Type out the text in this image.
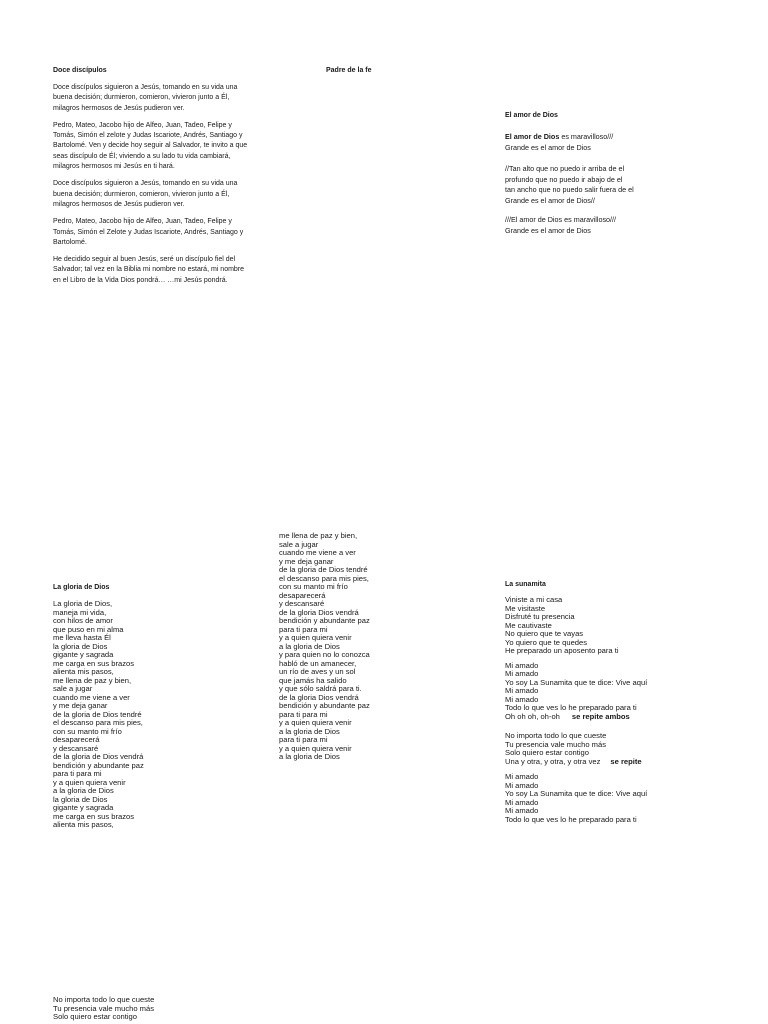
Doce discípulos

Doce discípulos siguieron a Jesús, tomando en su vida una buena decisión; durmieron, comieron, vivieron junto a Él, milagros hermosos de Jesús pudieron ver.

Pedro, Mateo, Jacobo hijo de Alfeo, Juan, Tadeo, Felipe y Tomás, Simón el zelote y Judas Iscariote, Andrés, Santiago y Bartolomé. Ven y decide hoy seguir al Salvador, te invito a que seas discípulo de Él; viviendo a su lado tu vida cambiará, milagros hermosos mi Jesús en ti hará.

Doce discípulos siguieron a Jesús, tomando en su vida una buena decisión; durmieron, comieron, vivieron junto a Él, milagros hermosos de Jesús pudieron ver.

Pedro, Mateo, Jacobo hijo de Alfeo, Juan, Tadeo, Felipe y Tomás, Simón el Zelote y Judas Iscariote, Andrés, Santiago y Bartolomé.

He decidido seguir al buen Jesús, seré un discípulo fiel del Salvador; tal vez en la Biblia mi nombre no estará, mi nombre en el Libro de la Vida Dios pondrá… …mi Jesús pondrá.

Padre de la fe

El amor de Dios

El amor de Dios es maravilloso///

Grande es el amor de Dios

//Tan alto que no puedo ir arriba de el
profundo que no puedo ir abajo de el
tan ancho que no puedo salir fuera de el
Grande es el amor de Dios//

///El amor de Dios es maravilloso///
Grande es el amor de Dios

La gloria de Dios

La gloria de Dios,
maneja mi vida,
con hilos de amor
que puso en mi alma
me lleva hasta Él
la gloria de Dios
gigante y sagrada
me carga en sus brazos
alienta mis pasos,
me llena de paz y bien,
sale a jugar
cuando me viene a ver
y me deja ganar
de la gloria de Dios tendré
el descanso para mis pies,
con su manto mi frío
desaparecerá
y descansaré
de la gloria de Dios vendrá
bendición y abundante paz
para ti para mi
y a quien quiera venir
a la gloria de Dios
la gloria de Dios
gigante y sagrada
me carga en sus brazos
alienta mis pasos,

me llena de paz y bien,
sale a jugar
cuando me viene a ver
y me deja ganar
de la gloria de Dios tendré
el descanso para mis pies,
con su manto mi frío
desaparecerá
y descansaré
de la gloria Dios vendrá
bendición y abundante paz
para ti para mi
y a quien quiera venir
a la gloria de Dios
y para quien no lo conozca
habló de un amanecer,
un río de aves y un sol
que jamás ha salido
y que sólo saldrá para ti.
de la gloria Dios vendrá
bendición y abundante paz
para ti para mi
y a quien quiera venir
a la gloria de Dios
para ti para mi
y a quien quiera venir
a la gloria de Dios

La sunamita

Viniste a mi casa
Me visitaste
Disfruté tu presencia
Me cautivaste
No quiero que te vayas
Yo quiero que te quedes
He preparado un aposento para ti

Mi amado
Mi amado
Yo soy La Sunamita que te dice: Vive aquí
Mi amado
Mi amado
Todo lo que ves lo he preparado para ti

Oh oh oh, oh-oh se repite ambos

No importa todo lo que cueste
Tu presencia vale mucho más
Solo quiero estar contigo

Una y otra, y otra, y otra vez se repite

Mi amado
Mi amado
Yo soy La Sunamita que te dice: Vive aquí
Mi amado
Mi amado
Todo lo que ves lo he preparado para ti

No importa todo lo que cueste
Tu presencia vale mucho más
Solo quiero estar contigo
